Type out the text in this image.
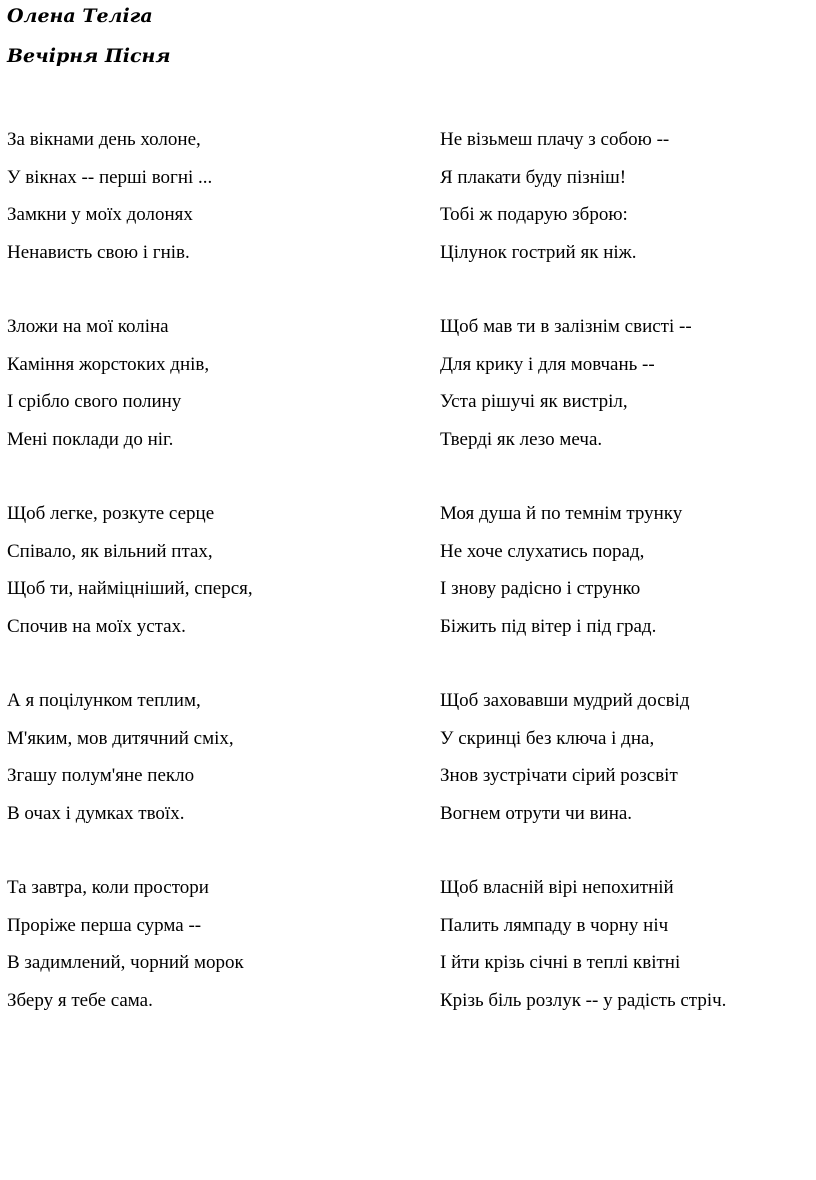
Олена Теліга
Вечірня Пісня
За вікнами день холоне,
У вікнах -- перші вогні ...
Замкни у моїх долонях
Ненависть свою і гнів.
Зложи на мої коліна
Каміння жорстоких днів,
І срібло свого полину
Мені поклади до ніг.
Щоб легке, розкуте серце
Співало, як вільний птах,
Щоб ти, найміцніший, сперся,
Спочив на моїх устах.
А я поцілунком теплим,
М'яким, мов дитячний сміх,
Згашу полум'яне пекло
В очах і думках твоїх.
Та завтра, коли простори
Проріже перша сурма --
В задимлений, чорний морок
Зберу я тебе сама.
Не візьмеш плачу з собою --
Я плакати буду пізніш!
Тобі ж подарую зброю:
Цілунок гострий як ніж.
Щоб мав ти в залізнім свисті --
Для крику і для мовчань --
Уста рішучі як вистріл,
Тверді як лезо меча.
Моя душа й по темнім трунку
Не хоче слухатись порад,
І знову радісно і струнко
Біжить під вітер і під град.
Щоб заховавши мудрий досвід
У скринці без ключа і дна,
Знов зустрічати сірий розсвіт
Вогнем отрути чи вина.
Щоб власній вірі непохитній
Палить лямпаду в чорну ніч
І йти крізь січні в теплі квітні
Крізь біль розлук -- у радість стріч.
